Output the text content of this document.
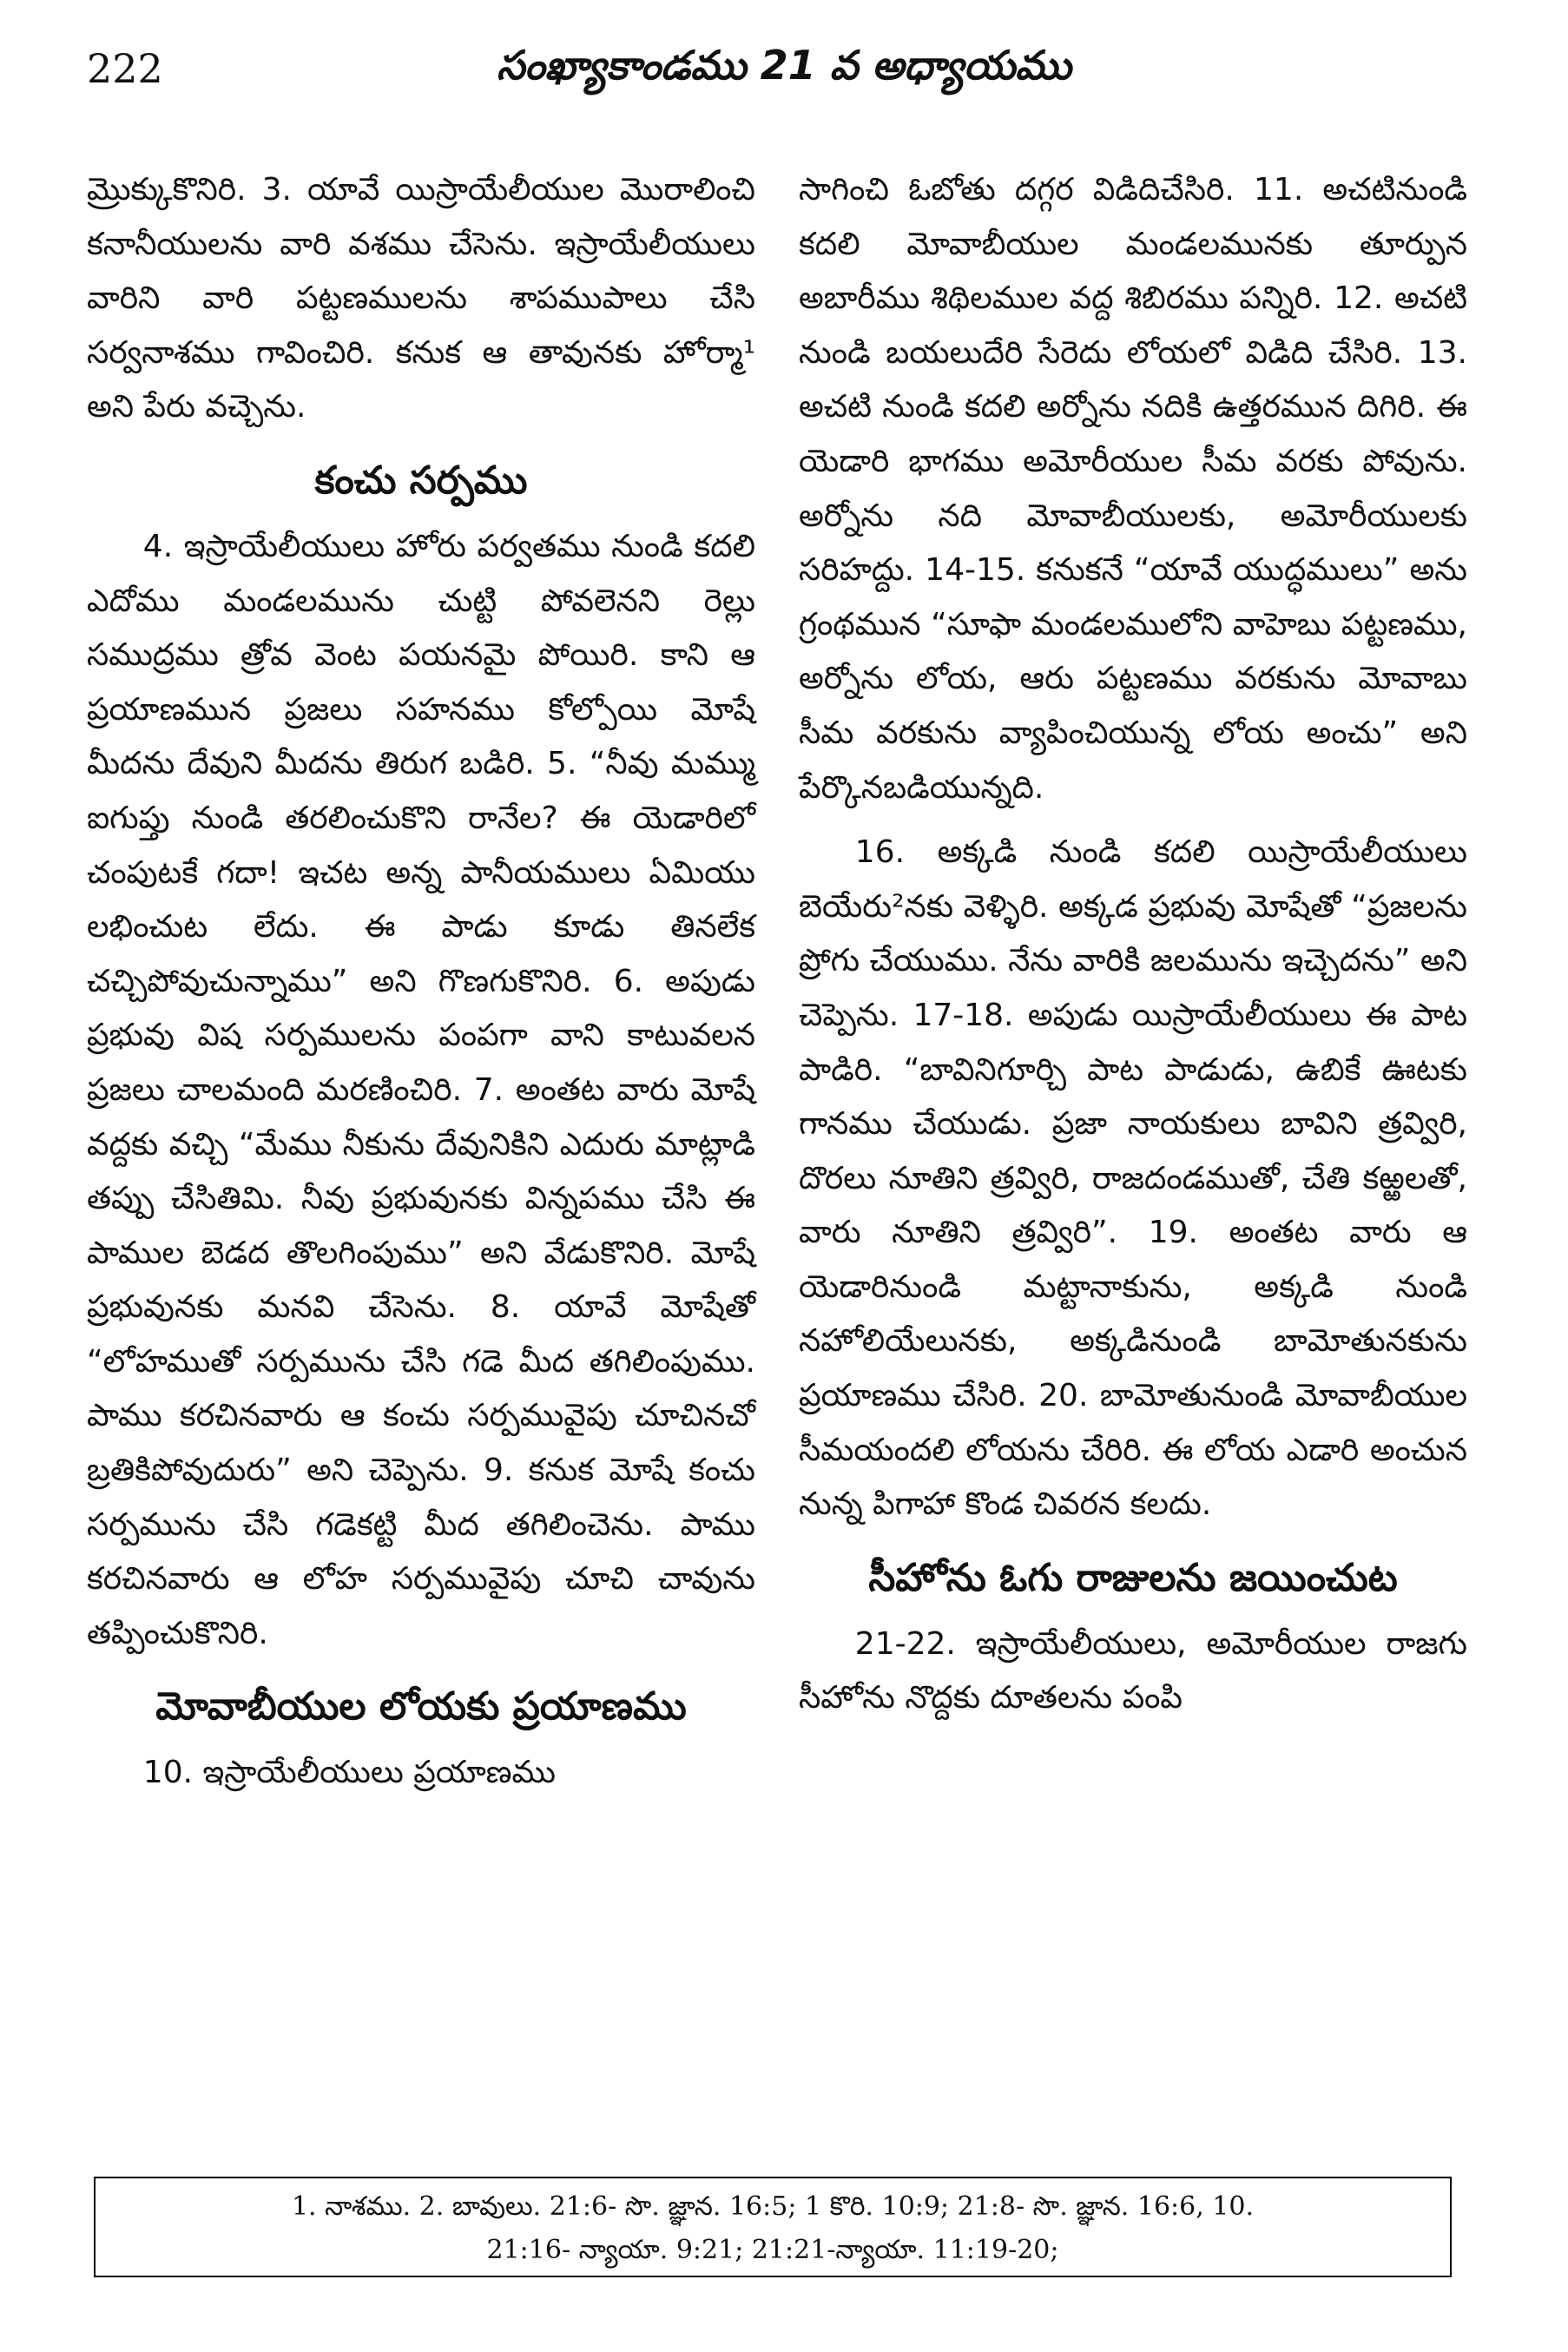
222	సంఖ్యాకాండము 21 వ అధ్యాయము

మ్రొక్కుకొనిరి. 3. యావే యిస్రాయేలీయుల మొరాలించి కనానీయులను వారి వశము చేసెను. ఇస్రాయేలీయులు వారిని వారి పట్టణములను శాపముపాలు చేసి సర్వనాశము గావించిరి. కనుక ఆ తావునకు హోర్మా¹ అని పేరు వచ్చెను.

కంచు సర్పము

4. ఇస్రాయేలీయులు హోరు పర్వతము నుండి కదలి ఎదోము మండలమును చుట్టి పోవలెనని రెల్లు సముద్రము త్రోవ వెంట పయనమై పోయిరి. కాని ఆ ప్రయాణమున ప్రజలు సహనము కోల్పోయి మోషే మీదను దేవుని మీదను తిరుగ బడిరి. 5. “నీవు మమ్ము ఐగుప్తు నుండి తరలించుకొని రానేల? ఈ యెడారిలో చంపుటకే గదా! ఇచట అన్న పానీయములు ఏమియు లభించుట లేదు. ఈ పాడు కూడు తినలేక చచ్చిపోవుచున్నాము” అని గొణగుకొనిరి. 6. అపుడు ప్రభువు విష సర్పములను పంపగా వాని కాటువలన ప్రజలు చాలమంది మరణించిరి. 7. అంతట వారు మోషే వద్దకు వచ్చి “మేము నీకును దేవునికిని ఎదురు మాట్లాడి తప్పు చేసితిమి. నీవు ప్రభువునకు విన్నపము చేసి ఈ పాముల బెడద తొలగింపుము” అని వేడుకొనిరి. మోషే ప్రభువునకు మనవి చేసెను. 8. యావే మోషేతో “లోహముతో సర్పమును చేసి గడె మీద తగిలింపుము. పాము కరచినవారు ఆ కంచు సర్పమువైపు చూచినచో బ్రతికిపోవుదురు” అని చెప్పెను. 9. కనుక మోషే కంచు సర్పమును చేసి గడెకట్టి మీద తగిలించెను. పాము కరచినవారు ఆ లోహ సర్పమువైపు చూచి చావును తప్పించుకొనిరి.

మోవాబీయుల లోయకు ప్రయాణము

10. ఇస్రాయేలీయులు ప్రయాణము

సాగించి ఓబోతు దగ్గర విడిదిచేసిరి. 11. అచటినుండి కదలి మోవాబీయుల మండలమునకు తూర్పున అబారీము శిథిలముల వద్ద శిబిరము పన్నిరి. 12. అచటి నుండి బయలుదేరి సేరెదు లోయలో విడిది చేసిరి. 13. అచటి నుండి కదలి అర్నోను నదికి ఉత్తరమున దిగిరి. ఈ యెడారి భాగము అమోరీయుల సీమ వరకు పోవును. అర్నోను నది మోవాబీయులకు, అమోరీయులకు సరిహద్దు. 14-15. కనుకనే “యావే యుద్ధములు” అను గ్రంథమున “సూఫా మండలములోని వాహెబు పట్టణము, అర్నోను లోయ, ఆరు పట్టణము వరకును మోవాబు సీమ వరకును వ్యాపించియున్న లోయ అంచు” అని పేర్కొనబడియున్నది.

16. అక్కడి నుండి కదలి యిస్రాయేలీయులు బెయేరు²నకు వెళ్ళిరి. అక్కడ ప్రభువు మోషేతో “ప్రజలను ప్రోగు చేయుము. నేను వారికి జలమును ఇచ్చెదను” అని చెప్పెను. 17-18. అపుడు యిస్రాయేలీయులు ఈ పాట పాడిరి. “బావినిగూర్చి పాట పాడుడు, ఉబికే ఊటకు గానము చేయుడు. ప్రజా నాయకులు బావిని త్రవ్విరి, దొరలు నూతిని త్రవ్విరి, రాజదండముతో, చేతి కఱ్ఱలతో, వారు నూతిని త్రవ్విరి”. 19. అంతట వారు ఆ యెడారినుండి మట్టానాకును, అక్కడి నుండి నహోలియేలునకు, అక్కడినుండి బామోతునకును ప్రయాణము చేసిరి. 20. బామోతునుండి మోవాబీయుల సీమయందలి లోయను చేరిరి. ఈ లోయ ఎడారి అంచున నున్న పిగాహా కొండ చివరన కలదు.

సీహోను ఓగు రాజులను జయించుట

21-22. ఇస్రాయేలీయులు, అమోరీయుల రాజగు సీహోను నొద్దకు దూతలను పంపి

1. నాశము. 2. బావులు. 21:6- సొ. జ్ఞాన. 16:5; 1 కొరి. 10:9; 21:8- సొ. జ్ఞాన. 16:6, 10.
21:16- న్యాయా. 9:21; 21:21-న్యాయా. 11:19-20;
